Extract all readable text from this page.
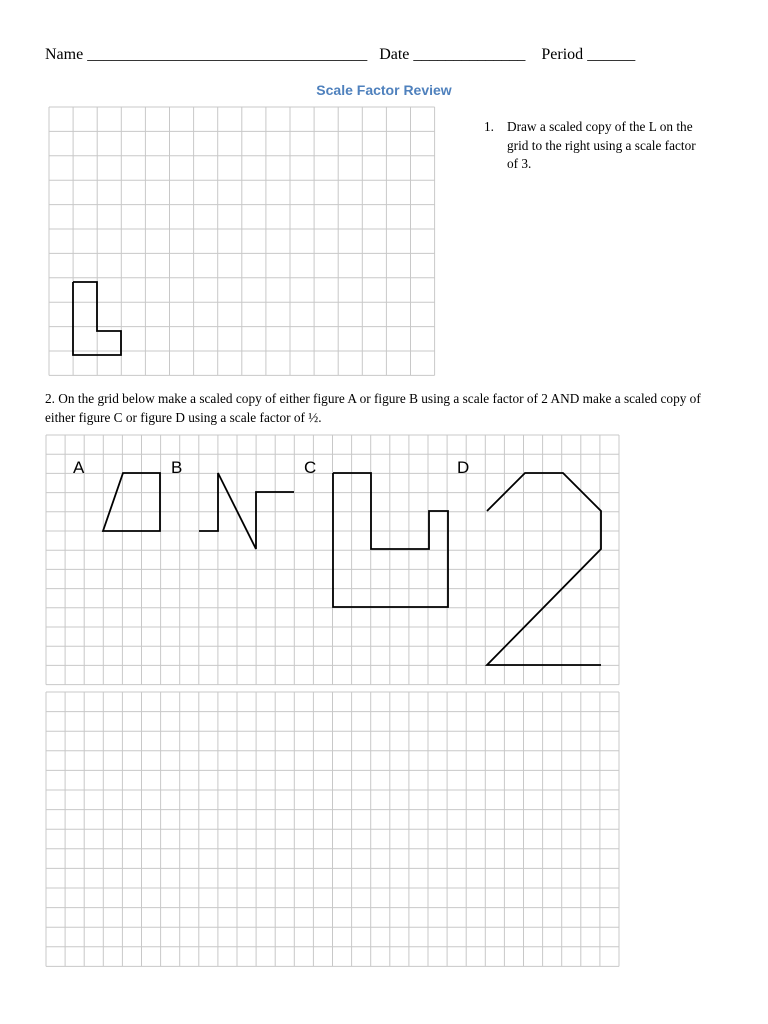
Name ___________________________________ Date ______________ Period ______
Scale Factor Review
1. Draw a scaled copy of the L on the grid to the right using a scale factor of 3.
2. On the grid below make a scaled copy of either figure A or figure B using a scale factor of 2 AND make a scaled copy of either figure C or figure D using a scale factor of ½.
A	B	C	D
